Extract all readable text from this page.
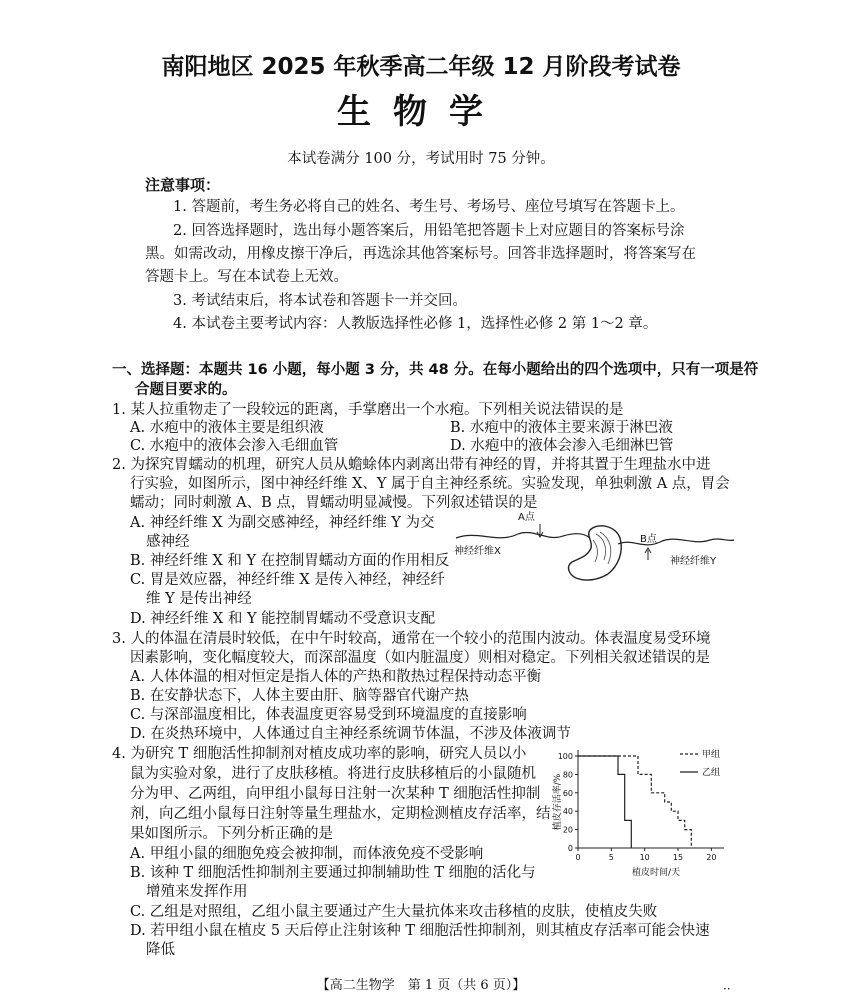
南阳地区 2025 年秋季高二年级 12 月阶段考试卷
生物学
本试卷满分 100 分，考试用时 75 分钟。
注意事项：
1. 答题前，考生务必将自己的姓名、考生号、考场号、座位号填写在答题卡上。
2. 回答选择题时，选出每小题答案后，用铅笔把答题卡上对应题目的答案标号涂
黑。如需改动，用橡皮擦干净后，再选涂其他答案标号。回答非选择题时，将答案写在
答题卡上。写在本试卷上无效。
3. 考试结束后，将本试卷和答题卡一并交回。
4. 本试卷主要考试内容：人教版选择性必修 1，选择性必修 2 第 1～2 章。
一、选择题：本题共 16 小题，每小题 3 分，共 48 分。在每小题给出的四个选项中，只有一项是符
合题目要求的。
1. 某人拉重物走了一段较远的距离，手掌磨出一个水疱。下列相关说法错误的是
A. 水疱中的液体主要是组织液	B. 水疱中的液体主要来源于淋巴液
C. 水疱中的液体会渗入毛细血管	D. 水疱中的液体会渗入毛细淋巴管
2. 为探究胃蠕动的机理，研究人员从蟾蜍体内剥离出带有神经的胃，并将其置于生理盐水中进
行实验，如图所示，图中神经纤维 X、Y 属于自主神经系统。实验发现，单独刺激 A 点，胃会
蠕动；同时刺激 A、B 点，胃蠕动明显减慢。下列叙述错误的是
A. 神经纤维 X 为副交感神经，神经纤维 Y 为交
感神经
B. 神经纤维 X 和 Y 在控制胃蠕动方面的作用相反
C. 胃是效应器，神经纤维 X 是传入神经，神经纤
维 Y 是传出神经
D. 神经纤维 X 和 Y 能控制胃蠕动不受意识支配
A点
B点
神经纤维X
神经纤维Y
3. 人的体温在清晨时较低，在中午时较高，通常在一个较小的范围内波动。体表温度易受环境
因素影响，变化幅度较大，而深部温度（如内脏温度）则相对稳定。下列相关叙述错误的是
A. 人体体温的相对恒定是指人体的产热和散热过程保持动态平衡
B. 在安静状态下，人体主要由肝、脑等器官代谢产热
C. 与深部温度相比，体表温度更容易受到环境温度的直接影响
D. 在炎热环境中，人体通过自主神经系统调节体温，不涉及体液调节
4. 为研究 T 细胞活性抑制剂对植皮成功率的影响，研究人员以小
鼠为实验对象，进行了皮肤移植。将进行皮肤移植后的小鼠随机
分为甲、乙两组，向甲组小鼠每日注射一次某种 T 细胞活性抑制
剂，向乙组小鼠每日注射等量生理盐水，定期检测植皮存活率，结
果如图所示。下列分析正确的是
A. 甲组小鼠的细胞免疫会被抑制，而体液免疫不受影响
B. 该种 T 细胞活性抑制剂主要通过抑制辅助性 T 细胞的活化与
增殖来发挥作用
C. 乙组是对照组，乙组小鼠主要通过产生大量抗体来攻击移植的皮肤，使植皮失败
D. 若甲组小鼠在植皮 5 天后停止注射该种 T 细胞活性抑制剂，则其植皮存活率可能会快速
降低
0
20
40
60
80
100
0	5	10	15	20
植皮时间/天
植皮存活率/%
甲组
乙组
【高二生物学　第 1 页（共 6 页）】	··
